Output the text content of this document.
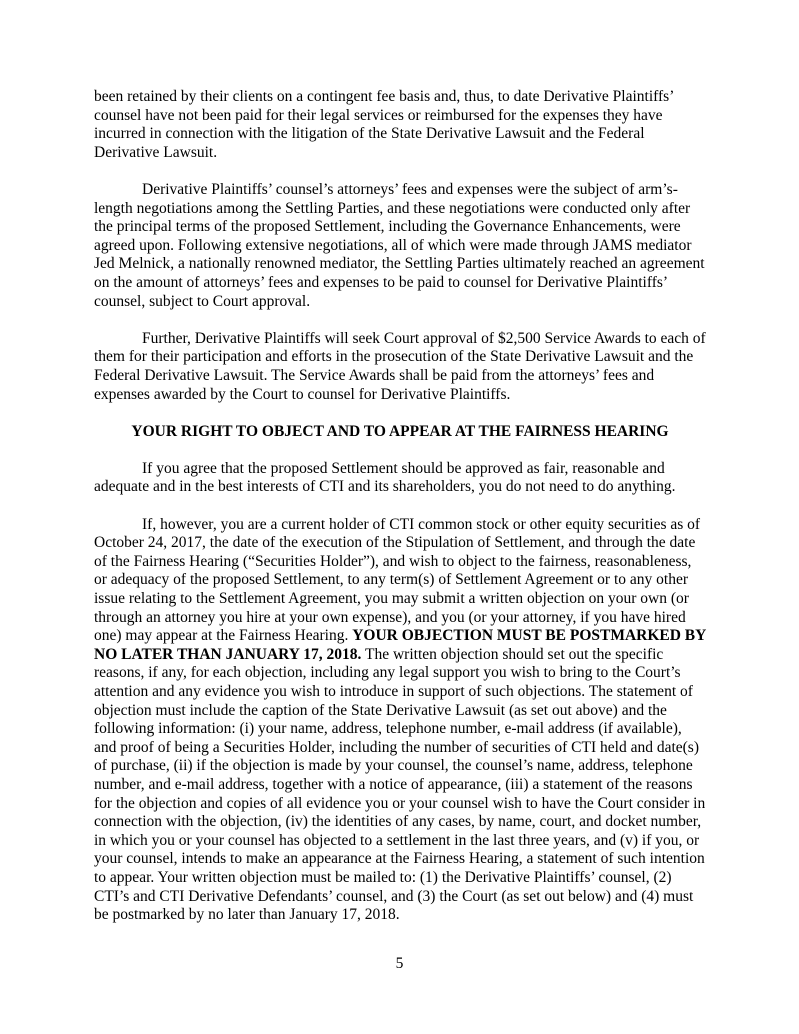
been retained by their clients on a contingent fee basis and, thus, to date Derivative Plaintiffs’ counsel have not been paid for their legal services or reimbursed for the expenses they have incurred in connection with the litigation of the State Derivative Lawsuit and the Federal Derivative Lawsuit.

Derivative Plaintiffs’ counsel’s attorneys’ fees and expenses were the subject of arm’s-length negotiations among the Settling Parties, and these negotiations were conducted only after the principal terms of the proposed Settlement, including the Governance Enhancements, were agreed upon. Following extensive negotiations, all of which were made through JAMS mediator Jed Melnick, a nationally renowned mediator, the Settling Parties ultimately reached an agreement on the amount of attorneys’ fees and expenses to be paid to counsel for Derivative Plaintiffs’ counsel, subject to Court approval.

Further, Derivative Plaintiffs will seek Court approval of $2,500 Service Awards to each of them for their participation and efforts in the prosecution of the State Derivative Lawsuit and the Federal Derivative Lawsuit. The Service Awards shall be paid from the attorneys’ fees and expenses awarded by the Court to counsel for Derivative Plaintiffs.

YOUR RIGHT TO OBJECT AND TO APPEAR AT THE FAIRNESS HEARING

If you agree that the proposed Settlement should be approved as fair, reasonable and adequate and in the best interests of CTI and its shareholders, you do not need to do anything.

If, however, you are a current holder of CTI common stock or other equity securities as of October 24, 2017, the date of the execution of the Stipulation of Settlement, and through the date of the Fairness Hearing (“Securities Holder”), and wish to object to the fairness, reasonableness, or adequacy of the proposed Settlement, to any term(s) of Settlement Agreement or to any other issue relating to the Settlement Agreement, you may submit a written objection on your own (or through an attorney you hire at your own expense), and you (or your attorney, if you have hired one) may appear at the Fairness Hearing. YOUR OBJECTION MUST BE POSTMARKED BY NO LATER THAN JANUARY 17, 2018. The written objection should set out the specific reasons, if any, for each objection, including any legal support you wish to bring to the Court’s attention and any evidence you wish to introduce in support of such objections. The statement of objection must include the caption of the State Derivative Lawsuit (as set out above) and the following information: (i) your name, address, telephone number, e-mail address (if available), and proof of being a Securities Holder, including the number of securities of CTI held and date(s) of purchase, (ii) if the objection is made by your counsel, the counsel’s name, address, telephone number, and e-mail address, together with a notice of appearance, (iii) a statement of the reasons for the objection and copies of all evidence you or your counsel wish to have the Court consider in connection with the objection, (iv) the identities of any cases, by name, court, and docket number, in which you or your counsel has objected to a settlement in the last three years, and (v) if you, or your counsel, intends to make an appearance at the Fairness Hearing, a statement of such intention to appear. Your written objection must be mailed to: (1) the Derivative Plaintiffs’ counsel, (2) CTI’s and CTI Derivative Defendants’ counsel, and (3) the Court (as set out below) and (4) must be postmarked by no later than January 17, 2018.

5
